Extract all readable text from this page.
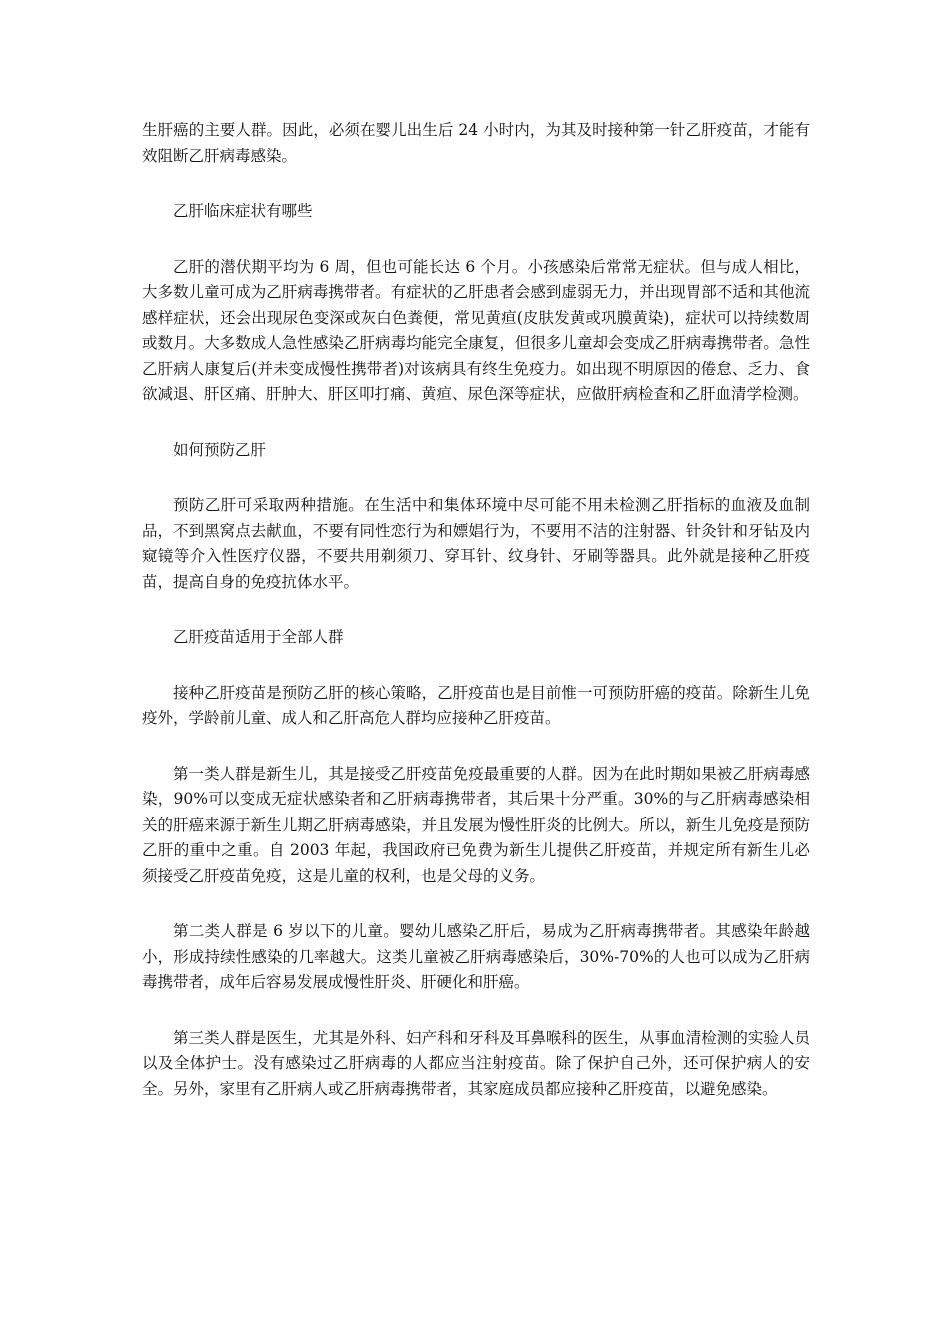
生肝癌的主要人群。因此，必须在婴儿出生后 24 小时内，为其及时接种第一针乙肝疫苗，才能有效阻断乙肝病毒感染。

乙肝临床症状有哪些

乙肝的潜伏期平均为 6 周，但也可能长达 6 个月。小孩感染后常常无症状。但与成人相比，大多数儿童可成为乙肝病毒携带者。有症状的乙肝患者会感到虚弱无力，并出现胃部不适和其他流感样症状，还会出现尿色变深或灰白色粪便，常见黄疸(皮肤发黄或巩膜黄染)，症状可以持续数周或数月。大多数成人急性感染乙肝病毒均能完全康复，但很多儿童却会变成乙肝病毒携带者。急性乙肝病人康复后(并未变成慢性携带者)对该病具有终生免疫力。如出现不明原因的倦怠、乏力、食欲减退、肝区痛、肝肿大、肝区叩打痛、黄疸、尿色深等症状，应做肝病检查和乙肝血清学检测。

如何预防乙肝

预防乙肝可采取两种措施。在生活中和集体环境中尽可能不用未检测乙肝指标的血液及血制品，不到黑窝点去献血，不要有同性恋行为和嫖娼行为，不要用不洁的注射器、针灸针和牙钻及内窥镜等介入性医疗仪器，不要共用剃须刀、穿耳针、纹身针、牙刷等器具。此外就是接种乙肝疫苗，提高自身的免疫抗体水平。

乙肝疫苗适用于全部人群

接种乙肝疫苗是预防乙肝的核心策略，乙肝疫苗也是目前惟一可预防肝癌的疫苗。除新生儿免疫外，学龄前儿童、成人和乙肝高危人群均应接种乙肝疫苗。

第一类人群是新生儿，其是接受乙肝疫苗免疫最重要的人群。因为在此时期如果被乙肝病毒感染，90%可以变成无症状感染者和乙肝病毒携带者，其后果十分严重。30%的与乙肝病毒感染相关的肝癌来源于新生儿期乙肝病毒感染，并且发展为慢性肝炎的比例大。所以，新生儿免疫是预防乙肝的重中之重。自 2003 年起，我国政府已免费为新生儿提供乙肝疫苗，并规定所有新生儿必须接受乙肝疫苗免疫，这是儿童的权利，也是父母的义务。

第二类人群是 6 岁以下的儿童。婴幼儿感染乙肝后，易成为乙肝病毒携带者。其感染年龄越小，形成持续性感染的几率越大。这类儿童被乙肝病毒感染后，30%-70%的人也可以成为乙肝病毒携带者，成年后容易发展成慢性肝炎、肝硬化和肝癌。

第三类人群是医生，尤其是外科、妇产科和牙科及耳鼻喉科的医生，从事血清检测的实验人员以及全体护士。没有感染过乙肝病毒的人都应当注射疫苗。除了保护自己外，还可保护病人的安全。另外，家里有乙肝病人或乙肝病毒携带者，其家庭成员都应接种乙肝疫苗，以避免感染。
